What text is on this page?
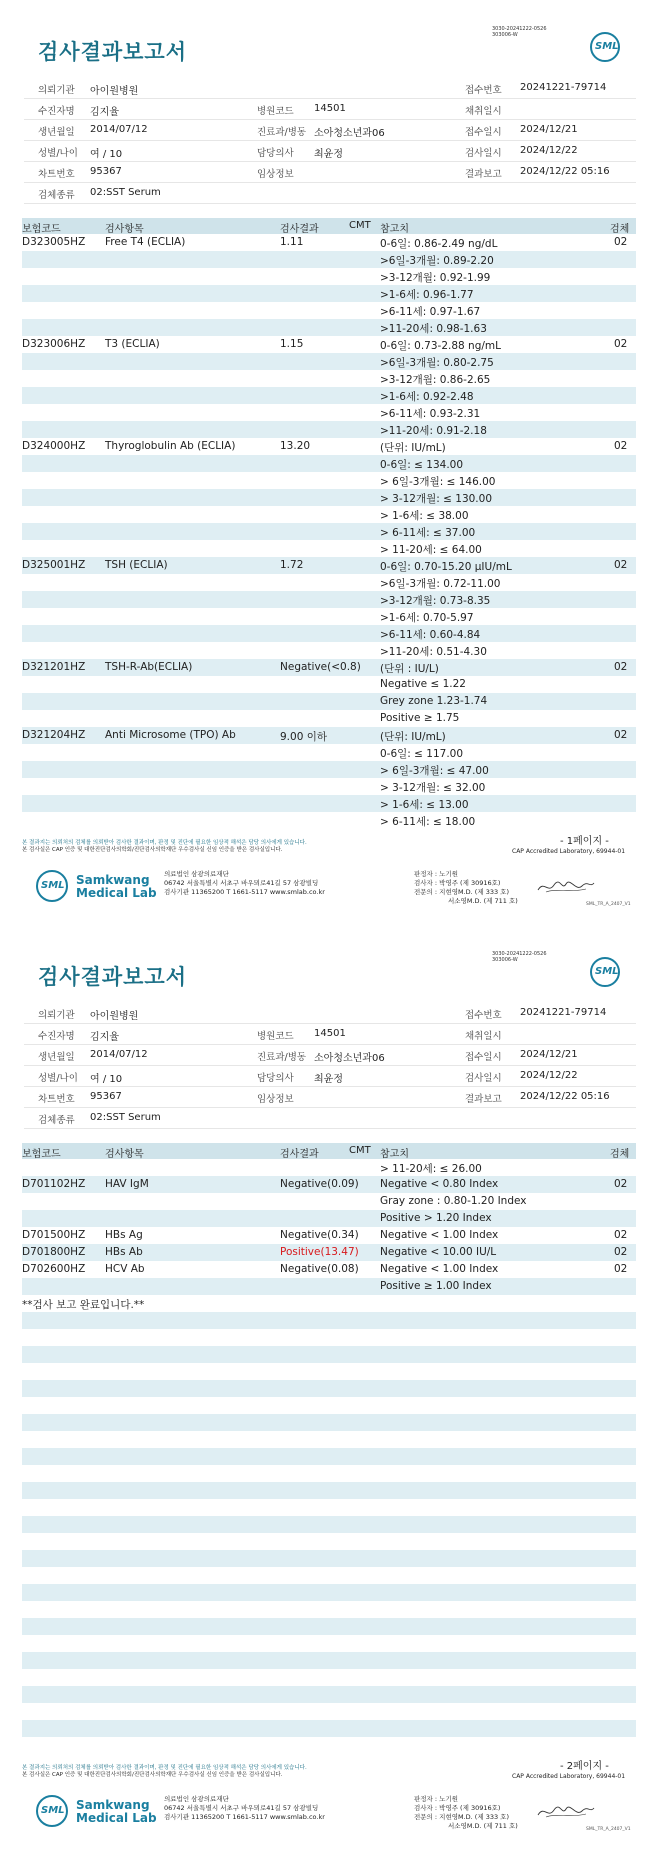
3030-20241222-0526
303006-W
검사결과보고서	SML
의뢰기관 아이원병원	접수번호 20241221-79714
수진자명 김지율	병원코드 14501	채취일시
생년월일 2014/07/12	진료과/병동 소아청소년과06	접수일시 2024/12/21
성별/나이 여 / 10	담당의사 최윤정	검사일시 2024/12/22
차트번호 95367	임상정보	결과보고 2024/12/22 05:16
검체종류 02:SST Serum
보험코드	검사항목	검사결과	CMT 참고치	검체
D323005HZ Free T4 (ECLIA)	1.11	0-6일: 0.86-2.49 ng/dL	02
>6일-3개월: 0.89-2.20
>3-12개월: 0.92-1.99
>1-6세: 0.96-1.77
>6-11세: 0.97-1.67
>11-20세: 0.98-1.63
D323006HZ T3 (ECLIA)	1.15	0-6일: 0.73-2.88 ng/mL	02
>6일-3개월: 0.80-2.75
>3-12개월: 0.86-2.65
>1-6세: 0.92-2.48
>6-11세: 0.93-2.31
>11-20세: 0.91-2.18
D324000HZ Thyroglobulin Ab (ECLIA)	13.20	(단위: IU/mL)	02
0-6일: ≤ 134.00
> 6일-3개월: ≤ 146.00
> 3-12개월: ≤ 130.00
> 1-6세: ≤ 38.00
> 6-11세: ≤ 37.00
> 11-20세: ≤ 64.00
D325001HZ TSH (ECLIA)	1.72	0-6일: 0.70-15.20 μIU/mL	02
>6일-3개월: 0.72-11.00
>3-12개월: 0.73-8.35
>1-6세: 0.70-5.97
>6-11세: 0.60-4.84
>11-20세: 0.51-4.30
D321201HZ TSH-R-Ab(ECLIA)	Negative(<0.8) (단위 : IU/L)	02
Negative ≤ 1.22
Grey zone 1.23-1.74
Positive ≥ 1.75
D321204HZ Anti Microsome (TPO) Ab	9.00 이하	(단위: IU/mL)	02
0-6일: ≤ 117.00
> 6일-3개월: ≤ 47.00
> 3-12개월: ≤ 32.00
> 1-6세: ≤ 13.00
> 6-11세: ≤ 18.00
- 1페이지 -
본 결과지는 의뢰처의 검체를 의뢰받아 검사한 결과이며, 판정 및 진단에 필요한 임상적 해석은 담당 의사에게 있습니다.
본 검사실은 CAP 인증 및 대한진단검사의학회/진단검사의학재단 우수검사실 신임 인증을 받은 검사실입니다.	CAP Accredited Laboratory, 69944-01
SML Samkwang
Medical Lab
의료법인 삼광의료재단
06742 서울특별시 서초구 바우뫼로41길 57 삼광빌딩
검사기관 11365200 T 1661-5117 www.smlab.co.kr
판정자 : 노기원
검사자 : 박영주 (제 30916호)
전문의 : 지현영M.D. (제 333 호)
서소영M.D. (제 711 호)	SML_TR_A_2407_V1
3030-20241222-0526
303006-W
검사결과보고서	SML
의뢰기관 아이원병원	접수번호 20241221-79714
수진자명 김지율	병원코드 14501	채취일시
생년월일 2014/07/12	진료과/병동 소아청소년과06	접수일시 2024/12/21
성별/나이 여 / 10	담당의사 최윤정	검사일시 2024/12/22
차트번호 95367	임상정보	결과보고 2024/12/22 05:16
검체종류 02:SST Serum
보험코드	검사항목	검사결과	CMT 참고치	검체
> 11-20세: ≤ 26.00
D701102HZ HAV IgM	Negative(0.09) Negative < 0.80 Index	02
Gray zone : 0.80-1.20 Index
Positive > 1.20 Index
D701500HZ HBs Ag	Negative(0.34) Negative < 1.00 Index	02
D701800HZ HBs Ab	Positive(13.47) Negative < 10.00 IU/L	02
D702600HZ HCV Ab	Negative(0.08) Negative < 1.00 Index	02
Positive ≥ 1.00 Index
**검사 보고 완료입니다.**
- 2페이지 -
본 결과지는 의뢰처의 검체를 의뢰받아 검사한 결과이며, 판정 및 진단에 필요한 임상적 해석은 담당 의사에게 있습니다.
본 검사실은 CAP 인증 및 대한진단검사의학회/진단검사의학재단 우수검사실 신임 인증을 받은 검사실입니다.	CAP Accredited Laboratory, 69944-01
SML Samkwang
Medical Lab
의료법인 삼광의료재단
06742 서울특별시 서초구 바우뫼로41길 57 삼광빌딩
검사기관 11365200 T 1661-5117 www.smlab.co.kr
판정자 : 노기원
검사자 : 박영주 (제 30916호)
전문의 : 지현영M.D. (제 333 호)
서소영M.D. (제 711 호)	SML_TR_A_2407_V1
